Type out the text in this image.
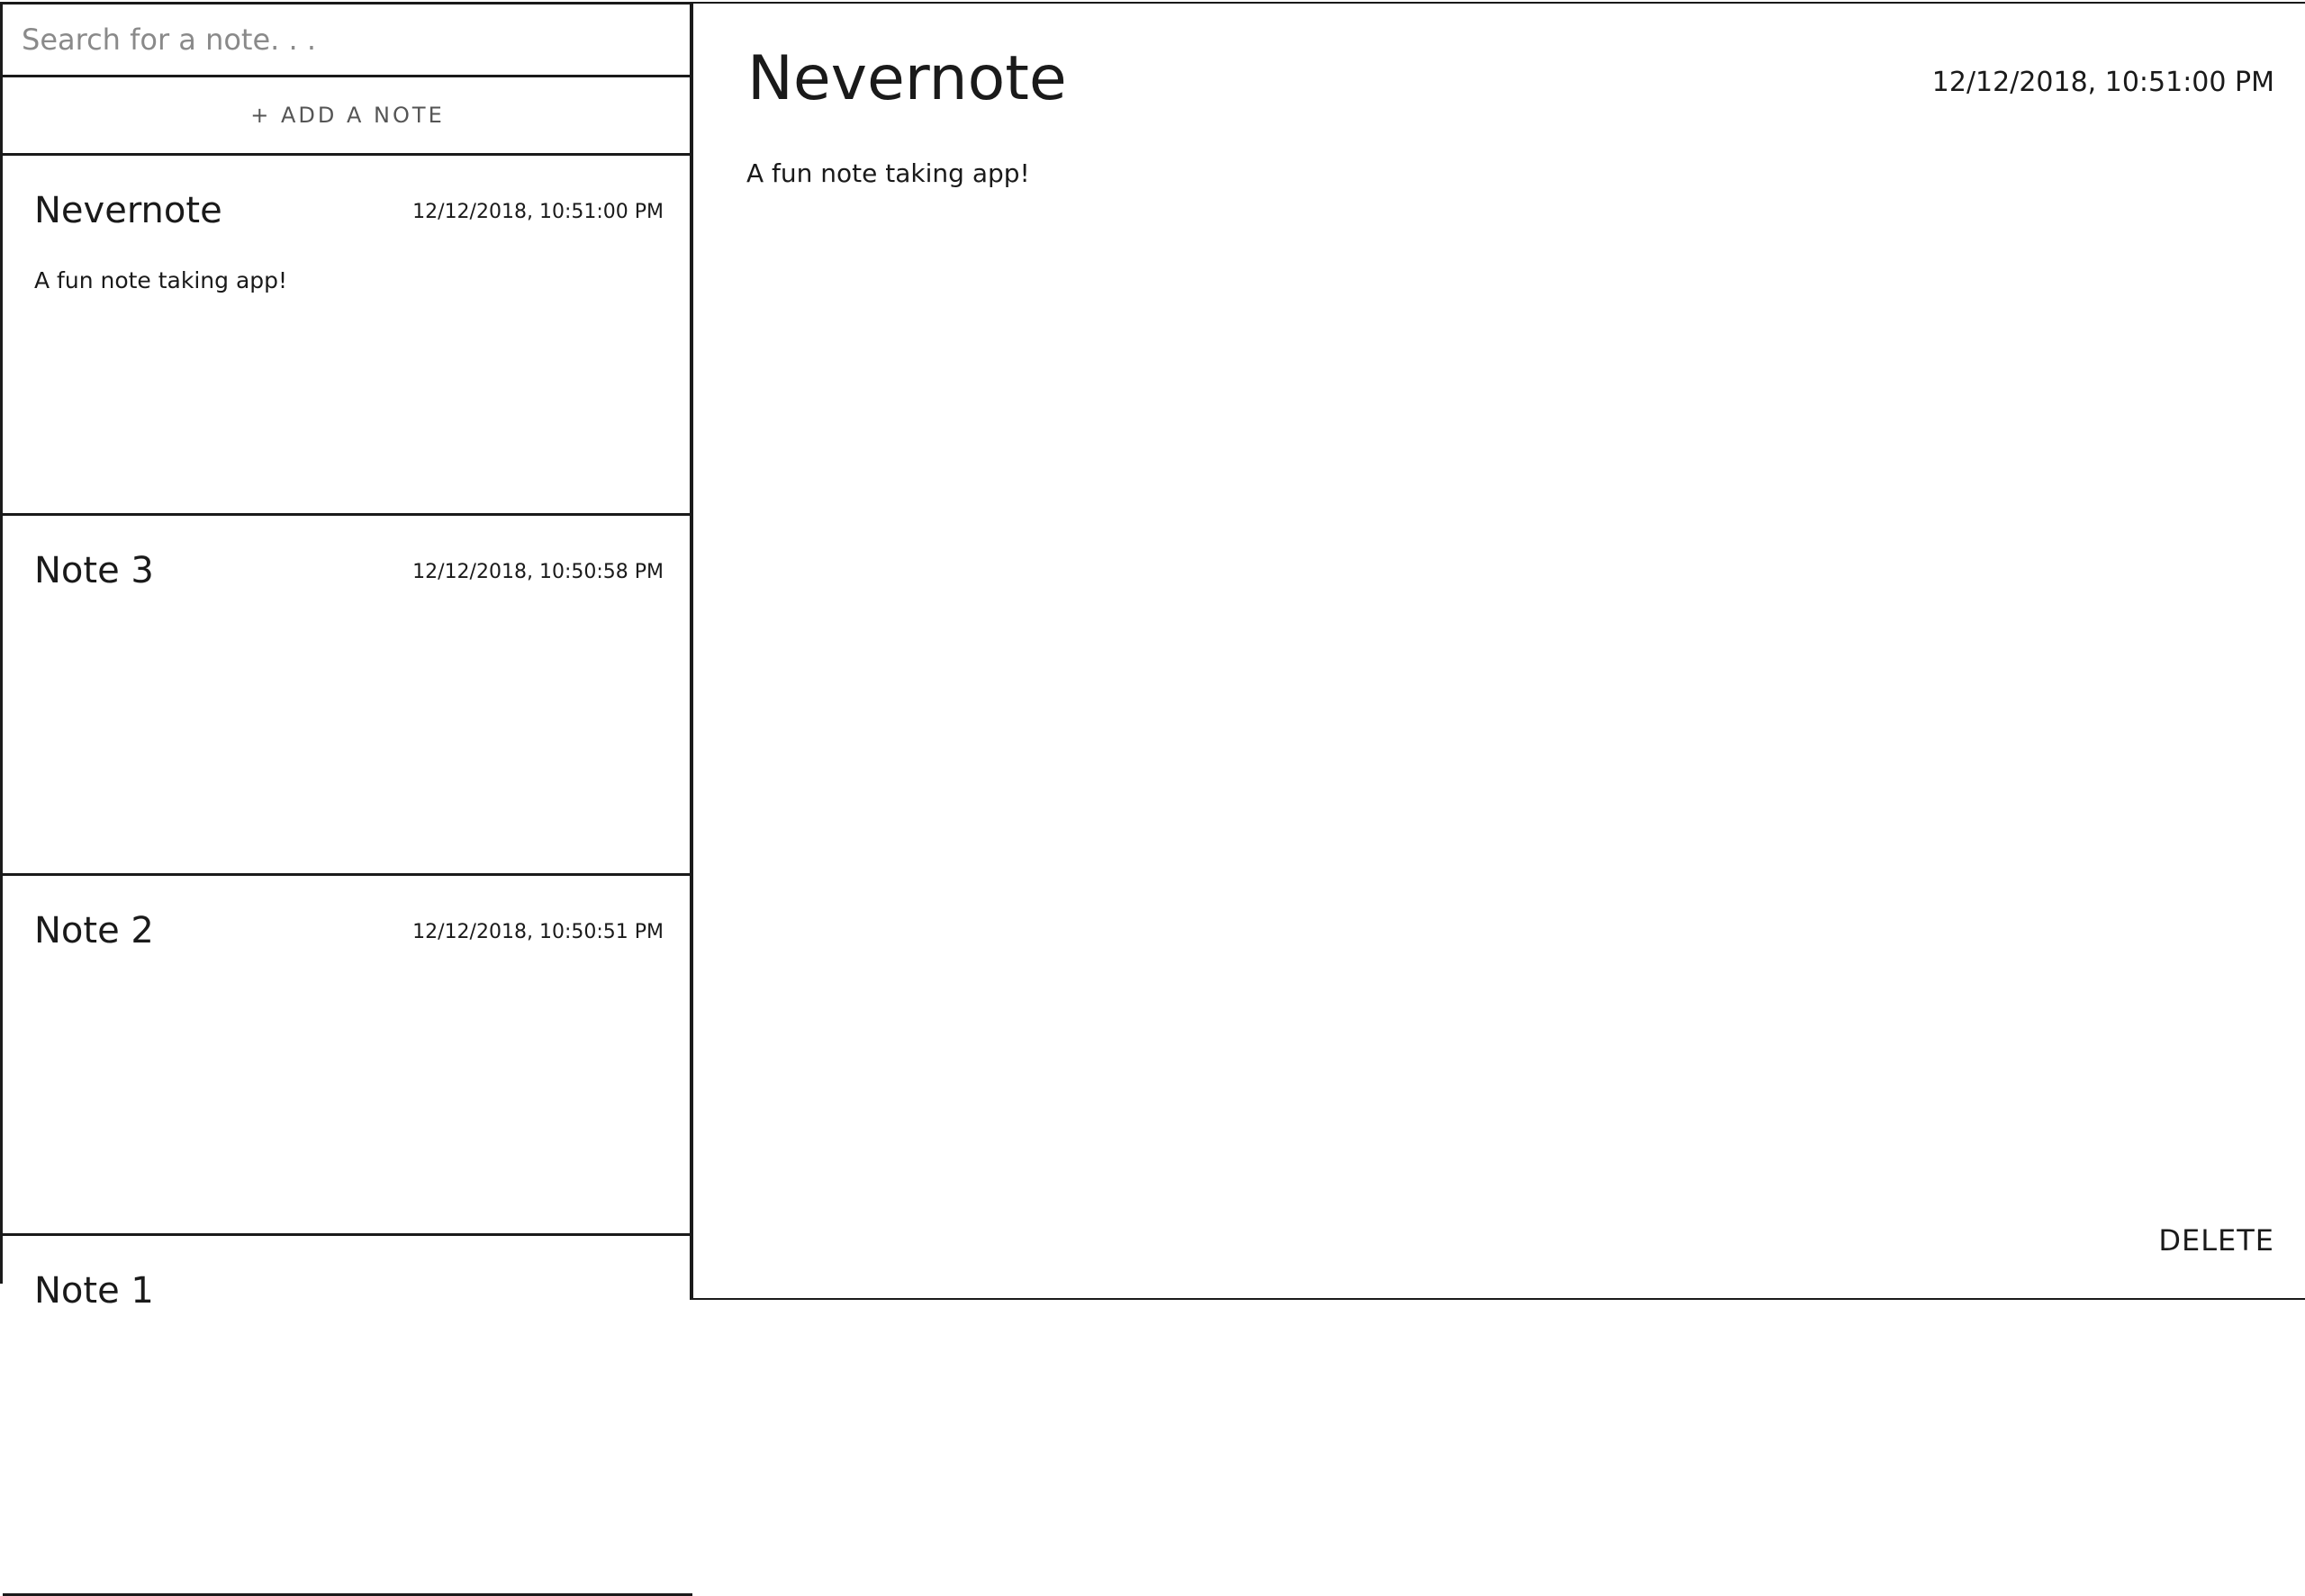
Search for a note. . .
+ ADD A NOTE
Nevernote	12/12/2018, 10:51:00 PM
A fun note taking app!
Note 3	12/12/2018, 10:50:58 PM
Note 2	12/12/2018, 10:50:51 PM
Note 1
Nevernote	12/12/2018, 10:51:00 PM
A fun note taking app!
DELETE
